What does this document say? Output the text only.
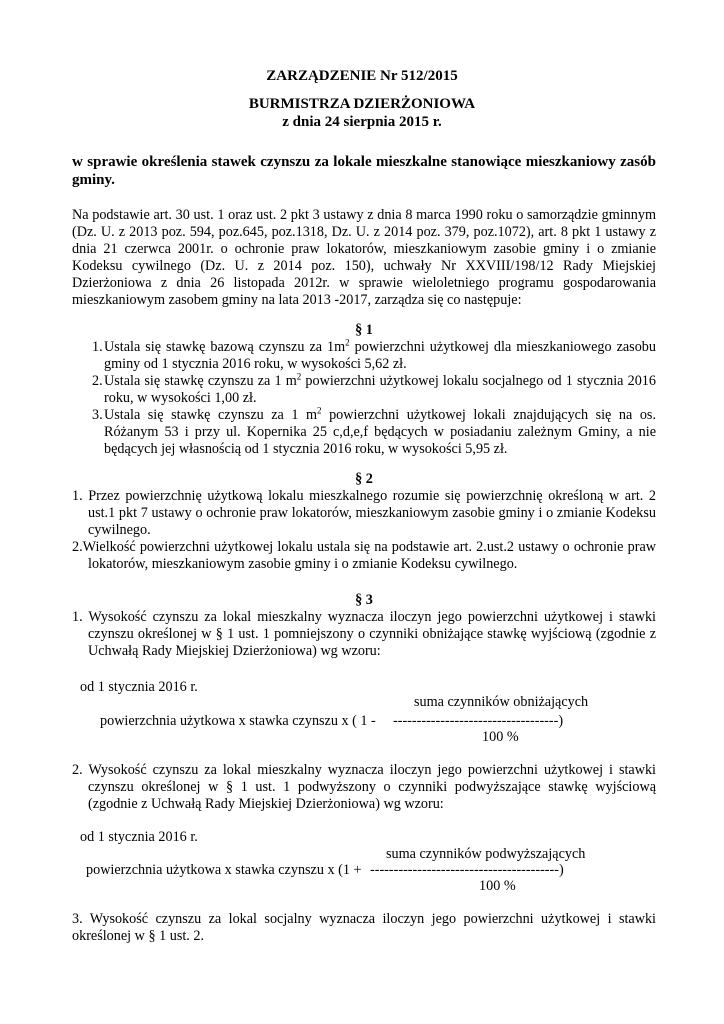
ZARZĄDZENIE Nr 512/2015
BURMISTRZA DZIERŻONIOWA
z dnia 24 sierpnia 2015 r.
w sprawie określenia stawek czynszu za lokale mieszkalne stanowiące mieszkaniowy zasób gminy.
Na podstawie art. 30 ust. 1 oraz ust. 2 pkt 3 ustawy z dnia 8 marca 1990 roku o samorządzie gminnym (Dz. U. z 2013 poz. 594, poz.645, poz.1318, Dz. U. z 2014 poz. 379, poz.1072), art. 8 pkt 1 ustawy z dnia 21 czerwca 2001r. o ochronie praw lokatorów, mieszkaniowym zasobie gminy i o zmianie Kodeksu cywilnego (Dz. U. z 2014 poz. 150), uchwały Nr XXVIII/198/12 Rady Miejskiej Dzierżoniowa z dnia 26 listopada 2012r. w sprawie wieloletniego programu gospodarowania mieszkaniowym zasobem gminy na lata 2013 -2017, zarządza się co następuje:
§ 1
1. Ustala się stawkę bazową czynszu za $1m^2$ powierzchni użytkowej dla mieszkaniowego zasobu gminy od 1 stycznia 2016 roku, w wysokości 5,62 zł.
2. Ustala się stawkę czynszu za 1 $m^2$ powierzchni użytkowej lokalu socjalnego od 1 stycznia 2016 roku, w wysokości 1,00 zł.
3. Ustala się stawkę czynszu za 1 $m^2$ powierzchni użytkowej lokali znajdujących się na os. Różanym 53 i przy ul. Kopernika 25 c,d,e,f będących w posiadaniu zależnym Gminy, a nie będących jej własnością od 1 stycznia 2016 roku, w wysokości 5,95 zł.
§ 2
1. Przez powierzchnię użytkową lokalu mieszkalnego rozumie się powierzchnię określoną w art. 2 ust.1 pkt 7 ustawy o ochronie praw lokatorów, mieszkaniowym zasobie gminy i o zmianie Kodeksu cywilnego.
2.Wielkość powierzchni użytkowej lokalu ustala się na podstawie art. 2.ust.2 ustawy o ochronie praw lokatorów, mieszkaniowym zasobie gminy i o zmianie Kodeksu cywilnego.
§ 3
1. Wysokość czynszu za lokal mieszkalny wyznacza iloczyn jego powierzchni użytkowej i stawki czynszu określonej w § 1 ust. 1 pomniejszony o czynniki obniżające stawkę wyjściową (zgodnie z Uchwałą Rady Miejskiej Dzierżoniowa) wg wzoru:
od 1 stycznia 2016 r.
suma czynników obniżających
powierzchnia użytkowa x stawka czynszu x ( 1 - -----------------------------------)
100 %
2. Wysokość czynszu za lokal mieszkalny wyznacza iloczyn jego powierzchni użytkowej i stawki czynszu określonej w § 1 ust. 1 podwyższony o czynniki podwyższające stawkę wyjściową (zgodnie z Uchwałą Rady Miejskiej Dzierżoniowa) wg wzoru:
od 1 stycznia 2016 r.
suma czynników podwyższających
powierzchnia użytkowa x stawka czynszu x (1 + ----------------------------------------)
100 %
3. Wysokość czynszu za lokal socjalny wyznacza iloczyn jego powierzchni użytkowej i stawki określonej w § 1 ust. 2.
